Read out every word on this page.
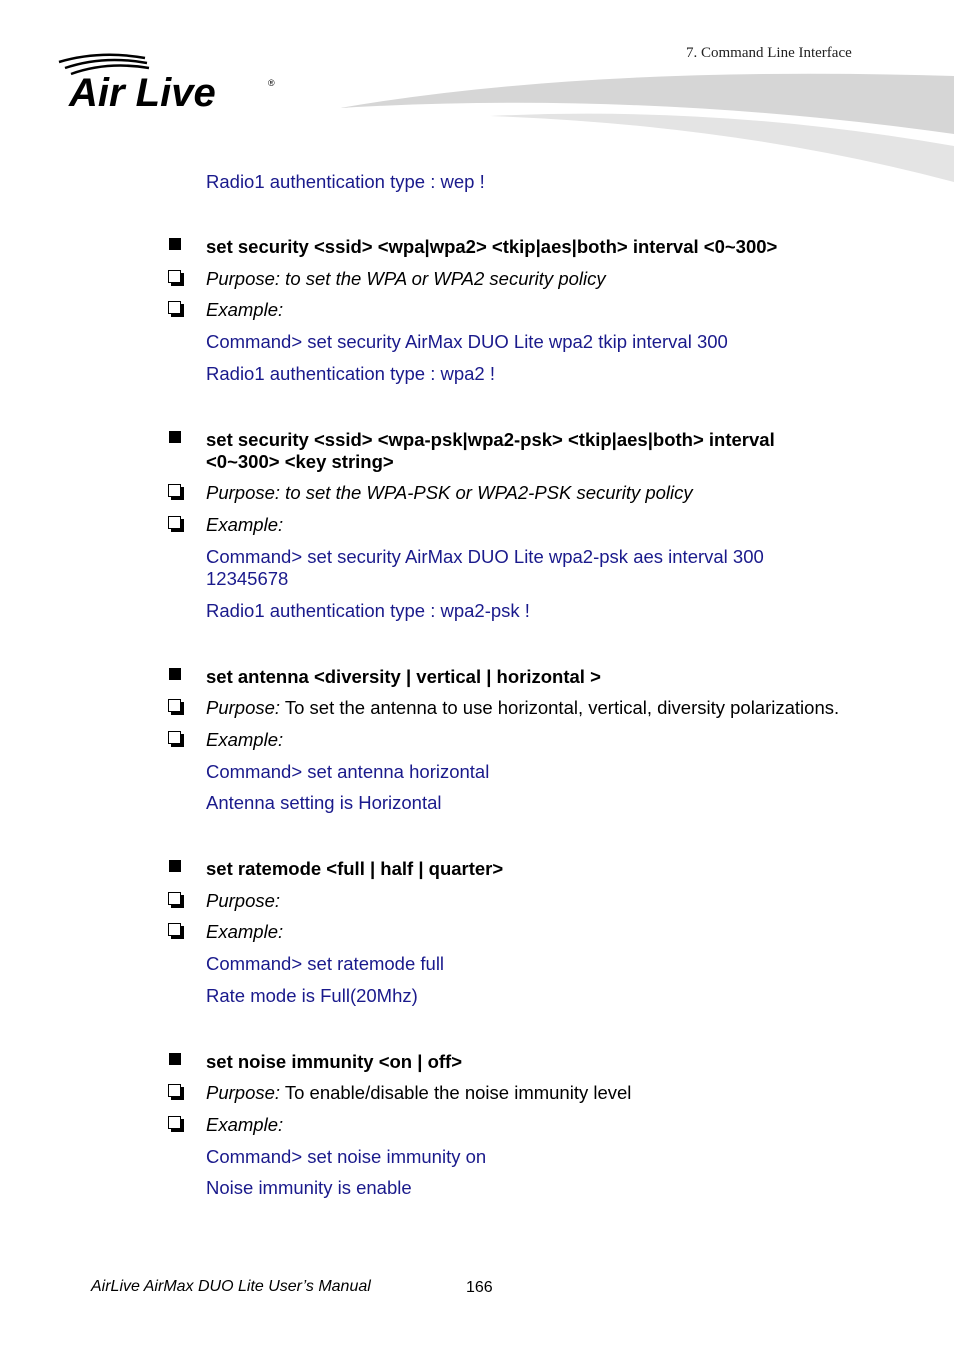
7. Command Line Interface
Air Live	®
Radio1 authentication type : wep !
set security <ssid> <wpa|wpa2> <tkip|aes|both> interval <0~300>
Purpose: to set the WPA or WPA2 security policy
Example:
Command> set security AirMax DUO Lite wpa2 tkip interval 300
Radio1 authentication type : wpa2 !
set security <ssid> <wpa-psk|wpa2-psk> <tkip|aes|both> interval
<0~300> <key string>
Purpose: to set the WPA-PSK or WPA2-PSK security policy
Example:
Command> set security AirMax DUO Lite wpa2-psk aes interval 300
12345678
Radio1 authentication type : wpa2-psk !
set antenna <diversity | vertical | horizontal >
Purpose: To set the antenna to use horizontal, vertical, diversity polarizations.
Example:
Command> set antenna horizontal
Antenna setting is Horizontal
set ratemode <full | half | quarter>
Purpose:
Example:
Command> set ratemode full
Rate mode is Full(20Mhz)
set noise immunity <on | off>
Purpose: To enable/disable the noise immunity level
Example:
Command> set noise immunity on
Noise immunity is enable
AirLive AirMax DUO Lite User’s Manual	166
